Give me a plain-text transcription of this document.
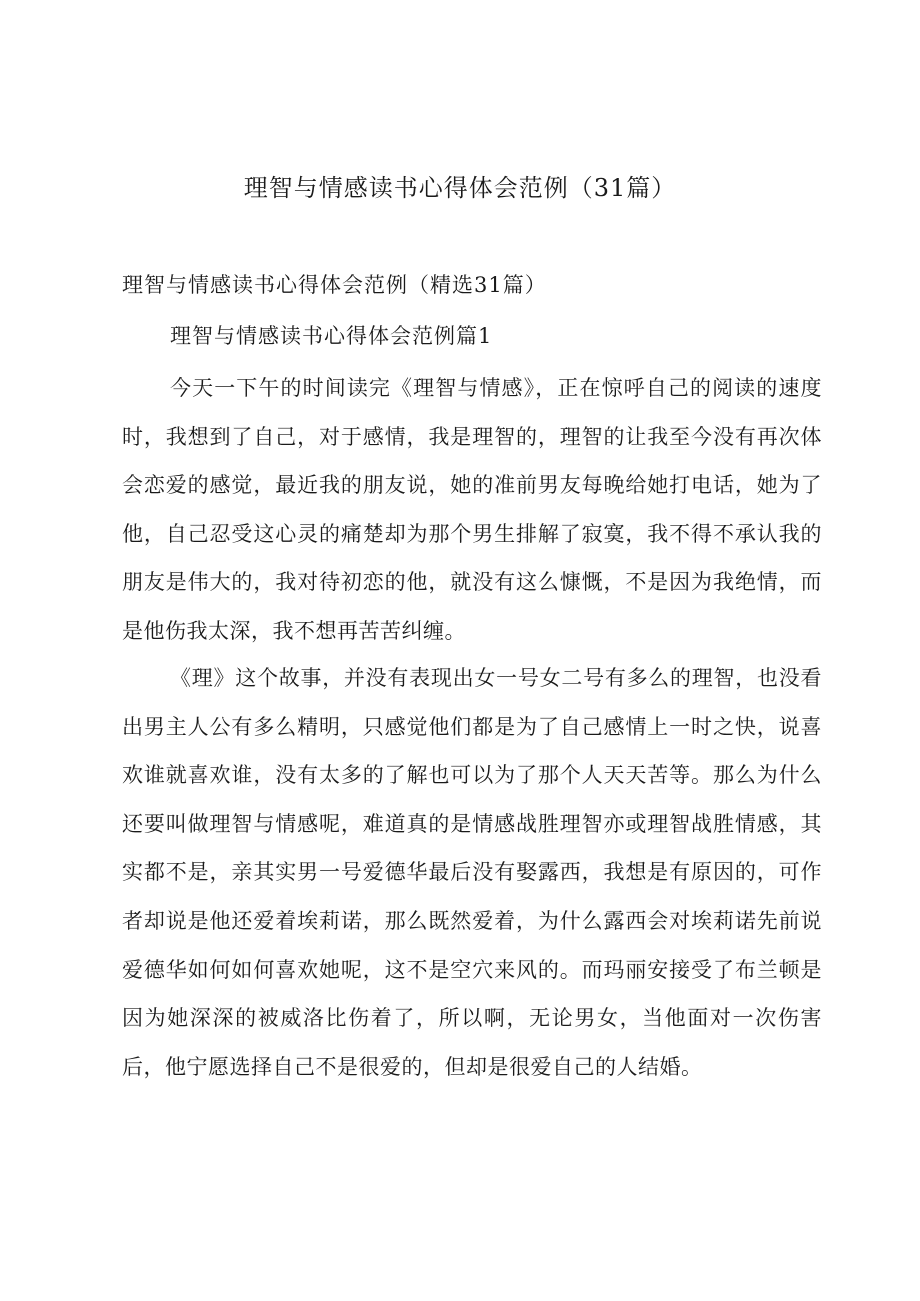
理智与情感读书心得体会范例（31篇）
理智与情感读书心得体会范例（精选31篇）
理智与情感读书心得体会范例篇1

今天一下午的时间读完《理智与情感》，正在惊呼自己的阅读的速度时，我想到了自己，对于感情，我是理智的，理智的让我至今没有再次体会恋爱的感觉，最近我的朋友说，她的准前男友每晚给她打电话，她为了他，自己忍受这心灵的痛楚却为那个男生排解了寂寞，我不得不承认我的朋友是伟大的，我对待初恋的他，就没有这么慷慨，不是因为我绝情，而是他伤我太深，我不想再苦苦纠缠。

《理》这个故事，并没有表现出女一号女二号有多么的理智，也没看出男主人公有多么精明，只感觉他们都是为了自己感情上一时之快，说喜欢谁就喜欢谁，没有太多的了解也可以为了那个人天天苦等。那么为什么还要叫做理智与情感呢，难道真的是情感战胜理智亦或理智战胜情感，其实都不是，亲其实男一号爱德华最后没有娶露西，我想是有原因的，可作者却说是他还爱着埃莉诺，那么既然爱着，为什么露西会对埃莉诺先前说爱德华如何如何喜欢她呢，这不是空穴来风的。而玛丽安接受了布兰顿是因为她深深的被威洛比伤着了，所以啊，无论男女，当他面对一次伤害后，他宁愿选择自己不是很爱的，但却是很爱自己的人结婚。
